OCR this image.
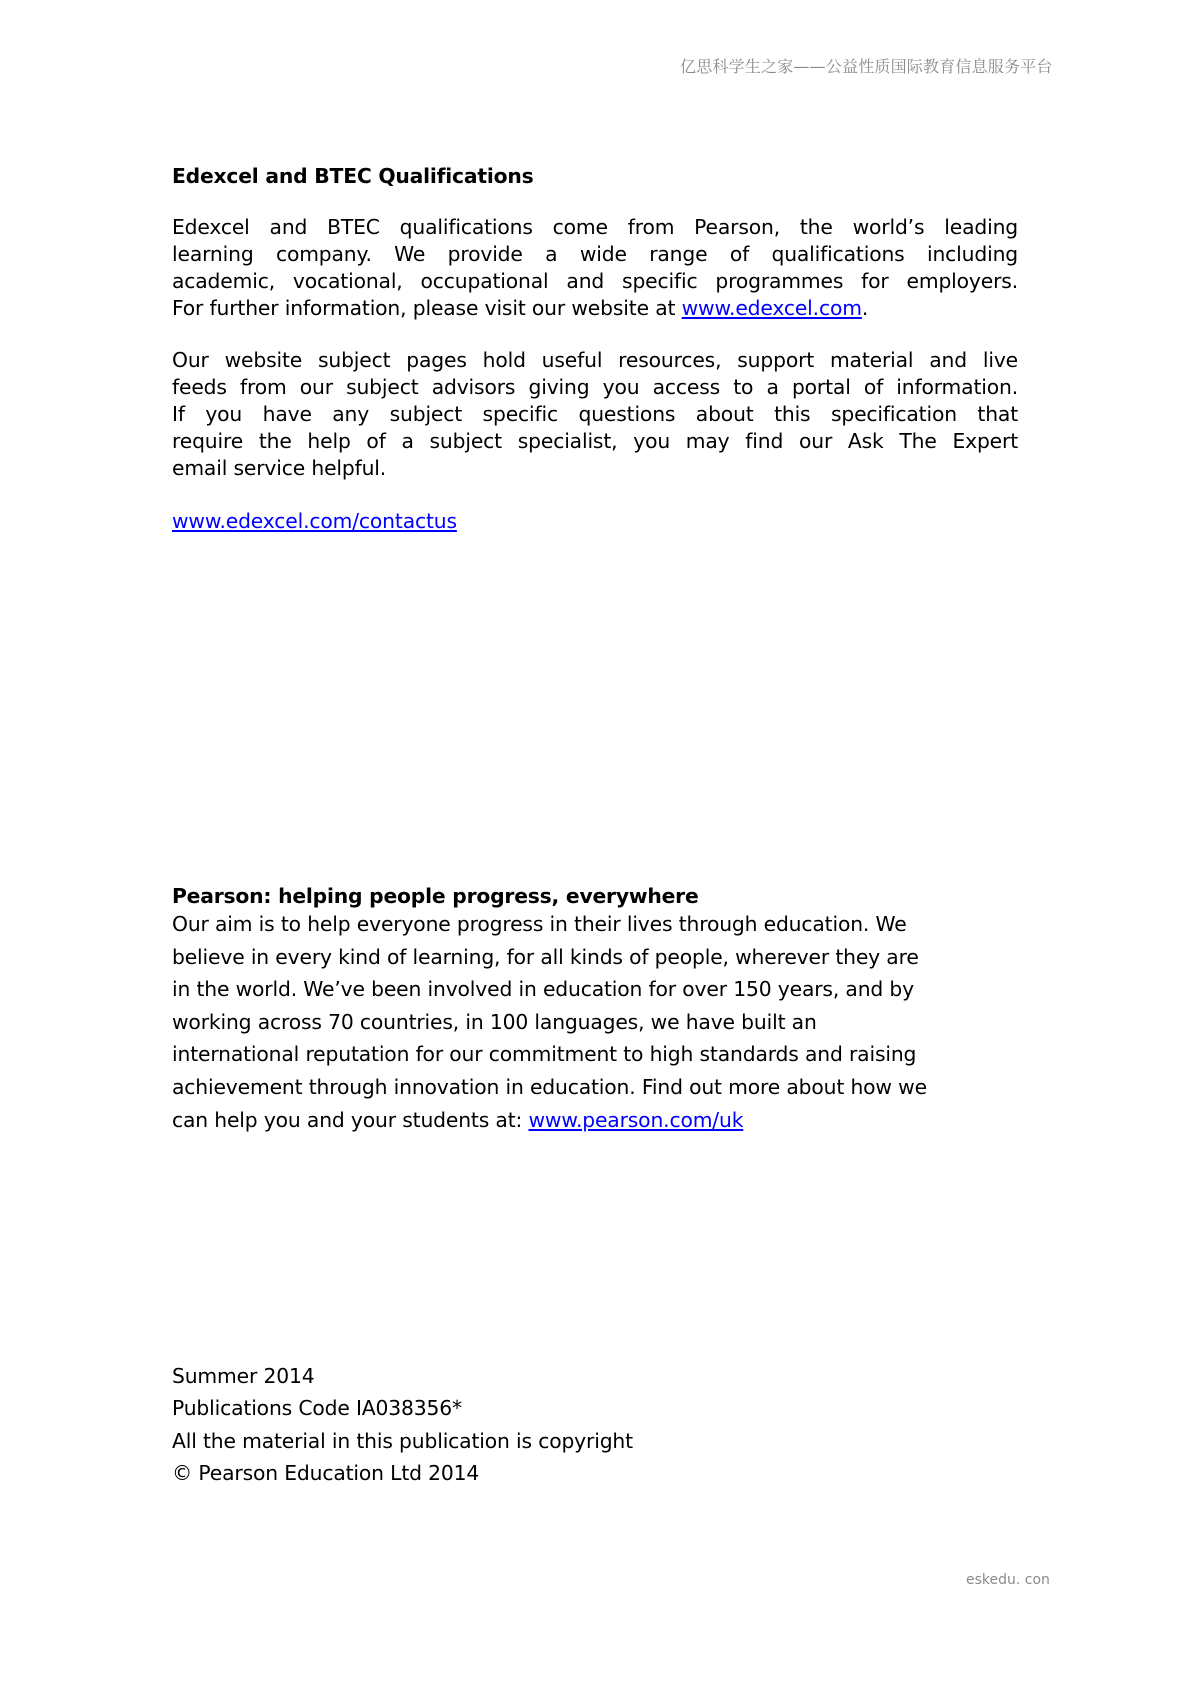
亿思科学生之家——公益性质国际教育信息服务平台
Edexcel and BTEC Qualifications
Edexcel and BTEC qualifications come from Pearson, the world’s leading
learning company. We provide a wide range of qualifications including
academic, vocational, occupational and specific programmes for employers.
For further information, please visit our website at www.edexcel.com.
Our website subject pages hold useful resources, support material and live
feeds from our subject advisors giving you access to a portal of information.
If you have any subject specific questions about this specification that
require the help of a subject specialist, you may find our Ask The Expert
email service helpful.
www.edexcel.com/contactus
Pearson: helping people progress, everywhere
Our aim is to help everyone progress in their lives through education. We
believe in every kind of learning, for all kinds of people, wherever they are
in the world. We’ve been involved in education for over 150 years, and by
working across 70 countries, in 100 languages, we have built an
international reputation for our commitment to high standards and raising
achievement through innovation in education. Find out more about how we
can help you and your students at: www.pearson.com/uk
Summer 2014
Publications Code IA038356*
All the material in this publication is copyright
© Pearson Education Ltd 2014
eskedu. con
